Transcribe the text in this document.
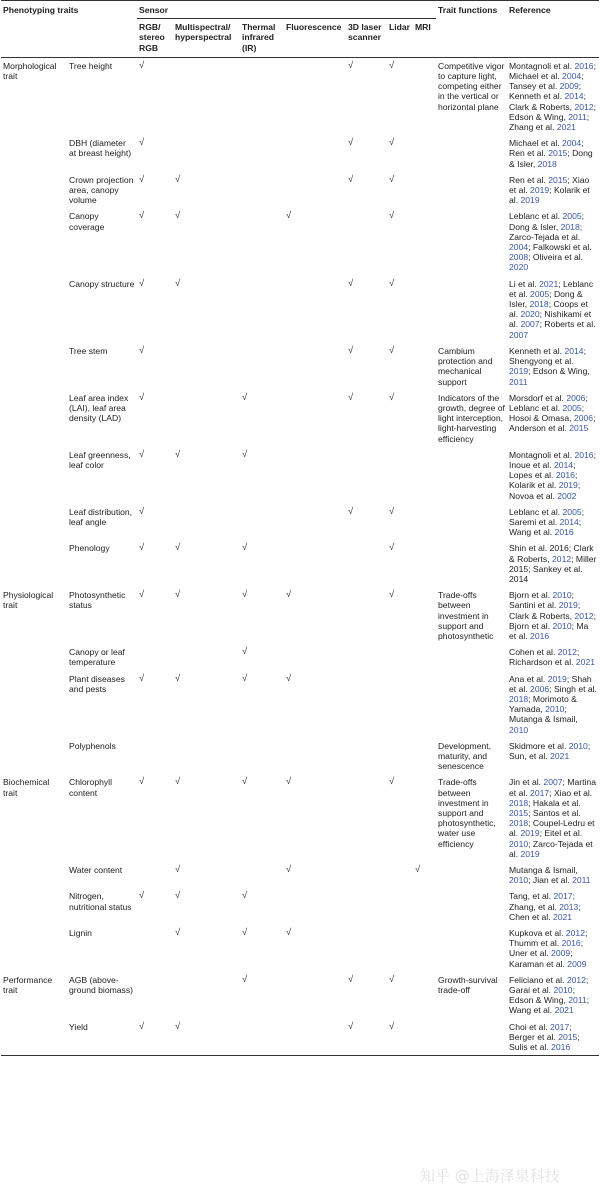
Phenotyping traits		Sensor							Trait functions	Reference
		RGB/ stereo RGB	Multispectral/ hyperspectral	Thermal infrared (IR)	Fluorescence	3D laser scanner	Lidar	MRI		
Morphological trait	Tree height	√				√	√		Competitive vigor to capture light, competing either in the vertical or horizontal plane	Montagnoli et al. 2016; Michael et al. 2004; Tansey et al. 2009; Kenneth et al. 2014; Clark & Roberts, 2012; Edson & Wing, 2011; Zhang et al. 2021
	DBH (diameter at breast height)	√				√	√			Michael et al. 2004; Ren et al. 2015; Dong & Isler, 2018
	Crown projection area, canopy volume	√	√			√	√			Ren et al. 2015; Xiao et al. 2019; Kolarik et al. 2019
	Canopy coverage	√	√		√		√			Leblanc et al. 2005; Dong & Isler, 2018; Zarco-Tejada et al. 2004; Falkowski et al. 2008; Oliveira et al. 2020
	Canopy structure	√	√			√	√			Li et al. 2021; Leblanc et al. 2005; Dong & Isler, 2018; Coops et al. 2020; Nishikami et al. 2007; Roberts et al. 2007
	Tree stem	√				√	√		Cambium protection and mechanical support	Kenneth et al. 2014; Shengyong et al. 2019; Edson & Wing, 2011
	Leaf area index (LAI), leaf area density (LAD)	√		√		√	√		Indicators of the growth, degree of light interception, light-harvesting efficiency	Morsdorf et al. 2006; Leblanc et al. 2005; Hosoi & Omasa, 2006; Anderson et al. 2015
	Leaf greenness, leaf color	√	√	√						Montagnoli et al. 2016; Inoue et al. 2014; Lopes et al. 2016; Kolarik et al. 2019; Novoa et al. 2002
	Leaf distribution, leaf angle	√				√	√			Leblanc et al. 2005; Saremi et al. 2014; Wang et al. 2016
	Phenology	√	√	√			√			Shin et al. 2016; Clark & Roberts, 2012; Miller 2015; Sankey et al. 2014
Physiological trait	Photosynthetic status	√	√	√	√		√		Trade-offs between investment in support and photosynthetic	Bjorn et al. 2010; Santini et al. 2019; Clark & Roberts, 2012; Bjorn et al. 2010; Ma et al. 2016
	Canopy or leaf temperature			√						Cohen et al. 2012; Richardson et al. 2021
	Plant diseases and pests	√	√	√	√					Ana et al. 2019; Shah et al. 2006; Singh et al. 2018; Morimoto & Yamada, 2010; Mutanga & Ismail, 2010
	Polyphenols								Development, maturity, and senescence	Skidmore et al. 2010; Sun, et al. 2021
Biochemical trait	Chlorophyll content	√	√	√	√		√		Trade-offs between investment in support and photosynthetic, water use efficiency	Jin et al. 2007; Martina et al. 2017; Xiao et al. 2018; Hakala et al. 2015; Santos et al. 2018; Coupel-Ledru et al. 2019; Eitel et al. 2010; Zarco-Tejada et al. 2019
	Water content		√		√			√		Mutanga & Ismail, 2010; Jian et al. 2011
	Nitrogen, nutritional status	√	√	√						Tang, et al. 2017; Zhang, et al. 2013; Chen et al. 2021
	Lignin		√	√	√					Kupkova et al. 2012; Thumm et al. 2016; Uner et al. 2009; Karaman et al. 2009
Performance trait	AGB (above-ground biomass)			√		√	√		Growth-survival trade-off	Feliciano et al. 2012; Garai et al. 2010; Edson & Wing, 2011; Wang et al. 2021
	Yield	√	√			√	√			Choi et al. 2017; Berger et al. 2015; Sulis et al. 2016
知乎 @上海泽泉科技
